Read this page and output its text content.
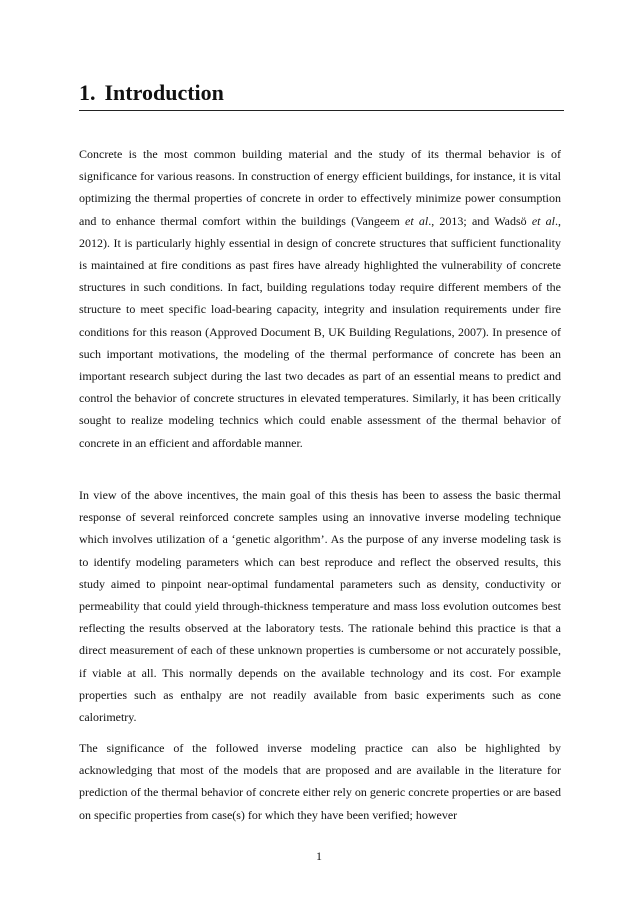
1. Introduction

Concrete is the most common building material and the study of its thermal behavior is of significance for various reasons. In construction of energy efficient buildings, for instance, it is vital optimizing the thermal properties of concrete in order to effectively minimize power consumption and to enhance thermal comfort within the buildings (Vangeem et al., 2013; and Wadsö et al., 2012). It is particularly highly essential in design of concrete structures that sufficient functionality is maintained at fire conditions as past fires have already highlighted the vulnerability of concrete structures in such conditions. In fact, building regulations today require different members of the structure to meet specific load-bearing capacity, integrity and insulation requirements under fire conditions for this reason (Approved Document B, UK Building Regulations, 2007). In presence of such important motivations, the modeling of the thermal performance of concrete has been an important research subject during the last two decades as part of an essential means to predict and control the behavior of concrete structures in elevated temperatures. Similarly, it has been critically sought to realize modeling technics which could enable assessment of the thermal behavior of concrete in an efficient and affordable manner.

In view of the above incentives, the main goal of this thesis has been to assess the basic thermal response of several reinforced concrete samples using an innovative inverse modeling technique which involves utilization of a ‘genetic algorithm’. As the purpose of any inverse modeling task is to identify modeling parameters which can best reproduce and reflect the observed results, this study aimed to pinpoint near-optimal fundamental parameters such as density, conductivity or permeability that could yield through-thickness temperature and mass loss evolution outcomes best reflecting the results observed at the laboratory tests. The rationale behind this practice is that a direct measurement of each of these unknown properties is cumbersome or not accurately possible, if viable at all. This normally depends on the available technology and its cost. For example properties such as enthalpy are not readily available from basic experiments such as cone calorimetry.

The significance of the followed inverse modeling practice can also be highlighted by acknowledging that most of the models that are proposed and are available in the literature for prediction of the thermal behavior of concrete either rely on generic concrete properties or are based on specific properties from case(s) for which they have been verified; however

1
